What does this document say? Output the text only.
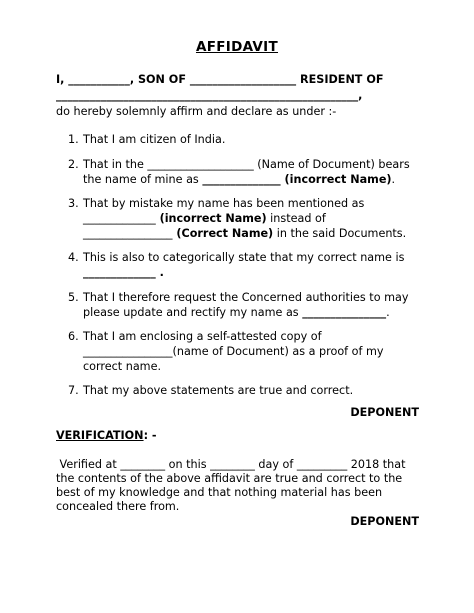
AFFIDAVIT
I, ___________, SON OF ___________________ RESIDENT OF
______________________________________________________,
do hereby solemnly affirm and declare as under :-
1. That I am citizen of India.
2. That in the ___________________ (Name of Document) bears
the name of mine as ______________ (incorrect Name).
3. That by mistake my name has been mentioned as
_____________ (incorrect Name) instead of
________________ (Correct Name) in the said Documents.
4. This is also to categorically state that my correct name is
_____________ .
5. That I therefore request the Concerned authorities to may
please update and rectify my name as _______________.
6. That I am enclosing a self-attested copy of
________________(name of Document) as a proof of my
correct name.
7. That my above statements are true and correct.
DEPONENT
VERIFICATION: -
Verified at ________ on this ________ day of _________ 2018 that
the contents of the above affidavit are true and correct to the
best of my knowledge and that nothing material has been
concealed there from.
DEPONENT
